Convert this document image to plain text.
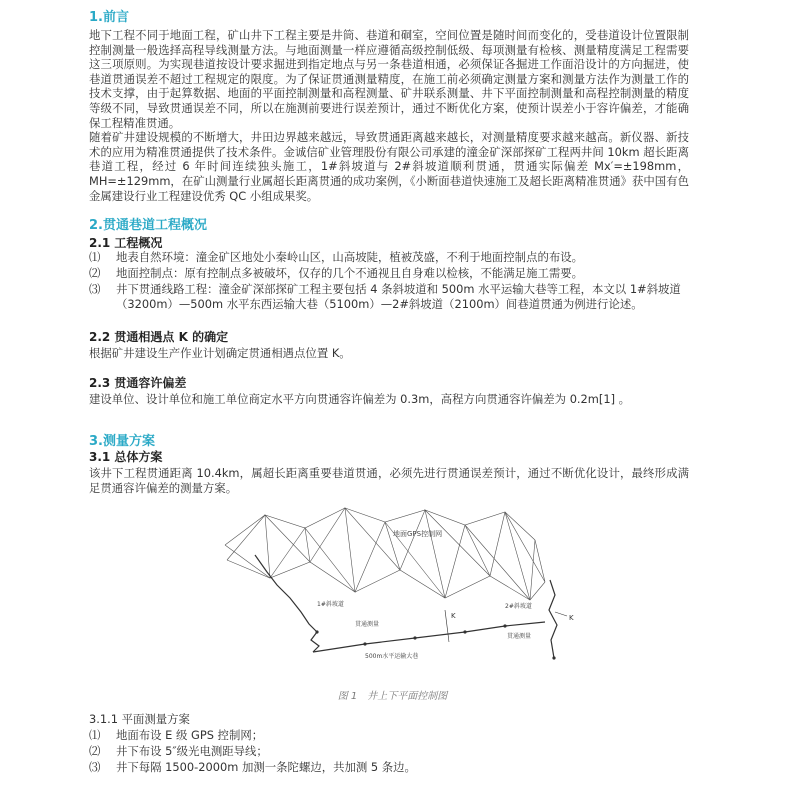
1.前言

地下工程不同于地面工程，矿山井下工程主要是井筒、巷道和硐室，空间位置是随时间而变化的，受巷道设计位置限制控制测量一般选择高程导线测量方法。与地面测量一样应遵循高级控制低级、每项测量有检核、测量精度满足工程需要这三项原则。为实现巷道按设计要求掘进到指定地点与另一条巷道相通，必须保证各掘进工作面沿设计的方向掘进，使巷道贯通误差不超过工程规定的限度。为了保证贯通测量精度，在施工前必须确定测量方案和测量方法作为测量工作的技术支撑，由于起算数据、地面的平面控制测量和高程测量、矿井联系测量、井下平面控制测量和高程控制测量的精度等级不同，导致贯通误差不同，所以在施测前要进行误差预计，通过不断优化方案，使预计误差小于容许偏差，才能确保工程精准贯通。

随着矿井建设规模的不断增大，井田边界越来越远，导致贯通距离越来越长，对测量精度要求越来越高。新仪器、新技术的应用为精准贯通提供了技术条件。金诚信矿业管理股份有限公司承建的潼金矿深部探矿工程两井间 10km 超长距离巷道工程，经过 6 年时间连续独头施工，1#斜坡道与 2#斜坡道顺利贯通，贯通实际偏差 Mx′=±198mm，MH=±129mm，在矿山测量行业属超长距离贯通的成功案例，《小断面巷道快速施工及超长距离精准贯通》获中国有色金属建设行业工程建设优秀 QC 小组成果奖。

2.贯通巷道工程概况
2.1 工程概况
⑴ 地表自然环境：潼金矿区地处小秦岭山区，山高坡陡，植被茂盛，不利于地面控制点的布设。
⑵ 地面控制点：原有控制点多被破坏，仅存的几个不通视且自身难以检核，不能满足施工需要。
⑶ 井下贯通线路工程：潼金矿深部探矿工程主要包括 4 条斜坡道和 500m 水平运输大巷等工程，本文以 1#斜坡道（3200m）—500m 水平东西运输大巷（5100m）—2#斜坡道（2100m）间巷道贯通为例进行论述。
2.2 贯通相遇点 K 的确定
根据矿井建设生产作业计划确定贯通相遇点位置 K。
2.3 贯通容许偏差
建设单位、设计单位和施工单位商定水平方向贯通容许偏差为 0.3m，高程方向贯通容许偏差为 0.2m[1] 。
3.测量方案
3.1 总体方案
该井下工程贯通距离 10.4km，属超长距离重要巷道贯通，必须先进行贯通误差预计，通过不断优化设计，最终形成满足贯通容许偏差的测量方案。
地面GPS控制网
1#斜坡道	2#斜坡道
贯通测量
贯通测量
500m水平运输大巷
K	K
图 1　井上下平面控制图
3.1.1 平面测量方案
⑴ 地面布设 E 级 GPS 控制网；
⑵ 井下布设 5″级光电测距导线；
⑶ 井下每隔 1500-2000m 加测一条陀螺边，共加测 5 条边。
